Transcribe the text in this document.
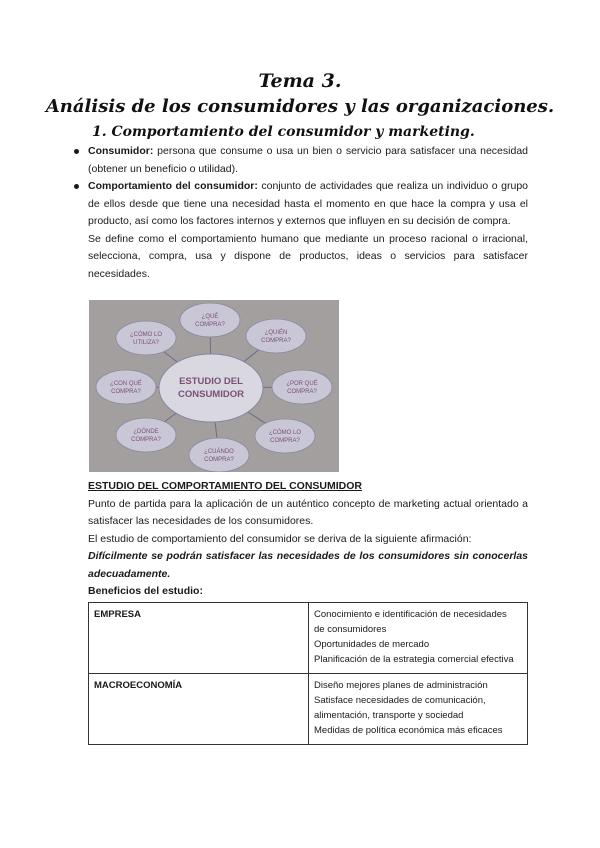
Tema 3.
Análisis de los consumidores y las organizaciones.
1. Comportamiento del consumidor y marketing.

Consumidor: persona que consume o usa un bien o servicio para satisfacer una necesidad (obtener un beneficio o utilidad).

Comportamiento del consumidor: conjunto de actividades que realiza un individuo o grupo de ellos desde que tiene una necesidad hasta el momento en que hace la compra y usa el producto, así como los factores internos y externos que influyen en su decisión de compra.

Se define como el comportamiento humano que mediante un proceso racional o irracional, selecciona, compra, usa y dispone de productos, ideas o servicios para satisfacer necesidades.

¿QUÉ
COMPRA?
¿QUIÉN
COMPRA?
¿POR QUÉ
COMPRA?
¿CÓMO LO
COMPRA?
¿CUÁNDO
COMPRA?
¿DÓNDE
COMPRA?
¿CON QUÉ
COMPRA?
¿CÓMO LO
UTILIZA?
ESTUDIO DEL
CONSUMIDOR

ESTUDIO DEL COMPORTAMIENTO DEL CONSUMIDOR

Punto de partida para la aplicación de un auténtico concepto de marketing actual orientado a satisfacer las necesidades de los consumidores.

El estudio de comportamiento del consumidor se deriva de la siguiente afirmación:

Difícilmente se podrán satisfacer las necesidades de los consumidores sin conocerlas adecuadamente.

Beneficios del estudio:

EMPRESA	Conocimiento e identificación de necesidades
de consumidores
Oportunidades de mercado
Planificación de la estrategia comercial efectiva

MACROECONOMÍA	Diseño mejores planes de administración
Satisface necesidades de comunicación,
alimentación, transporte y sociedad
Medidas de política económica más eficaces
